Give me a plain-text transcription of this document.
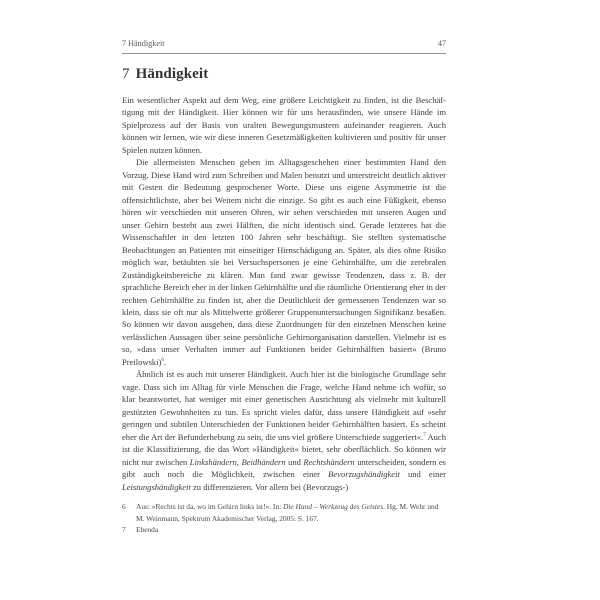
7 Händigkeit	47
7 Händigkeit

Ein wesentlicher Aspekt auf dem Weg, eine größere Leichtigkeit zu finden, ist die Beschäftigung mit der Händigkeit. Hier können wir für uns herausfinden, wie unsere Hände im Spielprozess auf der Basis von uralten Bewegungsmustern aufeinander reagieren. Auch können wir lernen, wie wir diese inneren Gesetzmäßigkeiten kultivieren und positiv für unser Spielen nutzen können.

Die allermeisten Menschen geben im Alltagsgeschehen einer bestimmten Hand den Vorzug. Diese Hand wird zum Schreiben und Malen benutzt und unterstreicht deutlich aktiver mit Gesten die Bedeutung gesprochener Worte. Diese uns eigene Asymmetrie ist die offensichtlichste, aber bei Weitem nicht die einzige. So gibt es auch eine Füßigkeit, ebenso hören wir verschieden mit unseren Ohren, wir sehen verschieden mit unseren Augen und unser Gehirn besteht aus zwei Hälften, die nicht identisch sind. Gerade letzteres hat die Wissenschaftler in den letzten 100 Jahren sehr beschäftigt. Sie stellten systematische Beobachtungen an Patienten mit einseitiger Hirnschädigung an. Später, als dies ohne Risiko möglich war, betäubten sie bei Versuchspersonen je eine Gehirnhälfte, um die zerebralen Zuständigkeitsbereiche zu klären. Man fand zwar gewisse Tendenzen, dass z. B. der sprachliche Bereich eher in der linken Gehirnhälfte und die räumliche Orientierung eher in der rechten Gehirnhälfte zu finden ist, aber die Deutlichkeit der gemessenen Tendenzen war so klein, dass sie oft nur als Mittelwerte größerer Gruppenuntersuchungen Signifikanz besaßen. So können wir davon ausgehen, dass diese Zuordnungen für den einzelnen Menschen keine verlässlichen Aussagen über seine persönliche Gehirnorganisation darstellen. Vielmehr ist es so, »dass unser Verhalten immer auf Funktionen beider Gehirnhälften basiert« (Bruno Preilowski)$^6$.

Ähnlich ist es auch mit unserer Händigkeit. Auch hier ist die biologische Grundlage sehr vage. Dass sich im Alltag für viele Menschen die Frage, welche Hand nehme ich wofür, so klar beantwortet, hat weniger mit einer genetischen Ausrichtung als vielmehr mit kulturell gestützten Gewohnheiten zu tun. Es spricht vieles dafür, dass unsere Händigkeit auf »sehr geringen und subtilen Unterschieden der Funktionen beider Gehirnhälften basiert. Es scheint eher die Art der Befunderhebung zu sein, die uns viel größere Unterschiede suggeriert«.$^7$ Auch ist die Klassifizierung, die das Wort »Händigkeit« bietet, sehr oberflächlich. So können wir nicht nur zwischen Linkshändern, Beidhändern und Rechtshändern unterscheiden, sondern es gibt auch noch die Möglichkeit, zwischen einer Bevorzugshändigkeit und einer Leistungshändigkeit zu differenzieren. Vor allem bei (Bevorzugs-)

6 Aus: »Rechts ist da, wo im Gehirn links ist!«. In: Die Hand – Werkzeug des Geistes. Hg. M. Wehr und M. Weinmann, Spektrum Akademischer Verlag, 2005: S. 167.
7 Ebenda
